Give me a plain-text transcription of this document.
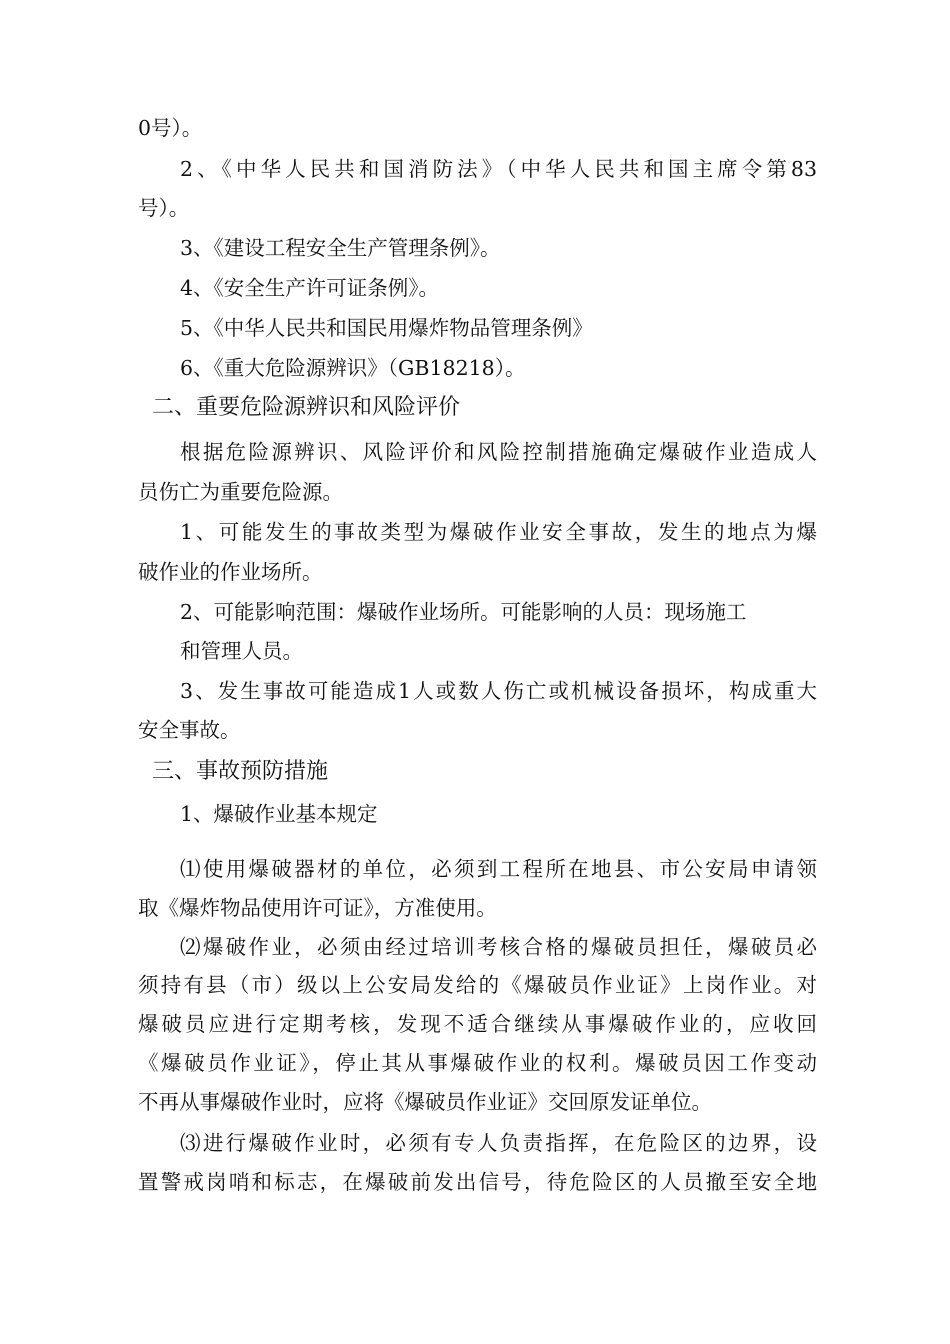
0号）。
2、《中华人民共和国消防法》（中华人民共和国主席令第83
号）。
3、《建设工程安全生产管理条例》。
4、《安全生产许可证条例》。
5、《中华人民共和国民用爆炸物品管理条例》
6、《重大危险源辨识》（GB18218）。
二、重要危险源辨识和风险评价
根据危险源辨识、风险评价和风险控制措施确定爆破作业造成人
员伤亡为重要危险源。
1、可能发生的事故类型为爆破作业安全事故，发生的地点为爆
破作业的作业场所。
2、可能影响范围：爆破作业场所。可能影响的人员：现场施工
和管理人员。
3、发生事故可能造成1人或数人伤亡或机械设备损坏，构成重大
安全事故。
三、事故预防措施
1、爆破作业基本规定
⑴使用爆破器材的单位，必须到工程所在地县、市公安局申请领
取《爆炸物品使用许可证》，方准使用。
⑵爆破作业，必须由经过培训考核合格的爆破员担任，爆破员必
须持有县（市）级以上公安局发给的《爆破员作业证》上岗作业。对
爆破员应进行定期考核，发现不适合继续从事爆破作业的，应收回
《爆破员作业证》，停止其从事爆破作业的权利。爆破员因工作变动
不再从事爆破作业时，应将《爆破员作业证》交回原发证单位。
⑶进行爆破作业时，必须有专人负责指挥，在危险区的边界，设
置警戒岗哨和标志，在爆破前发出信号，待危险区的人员撤至安全地
